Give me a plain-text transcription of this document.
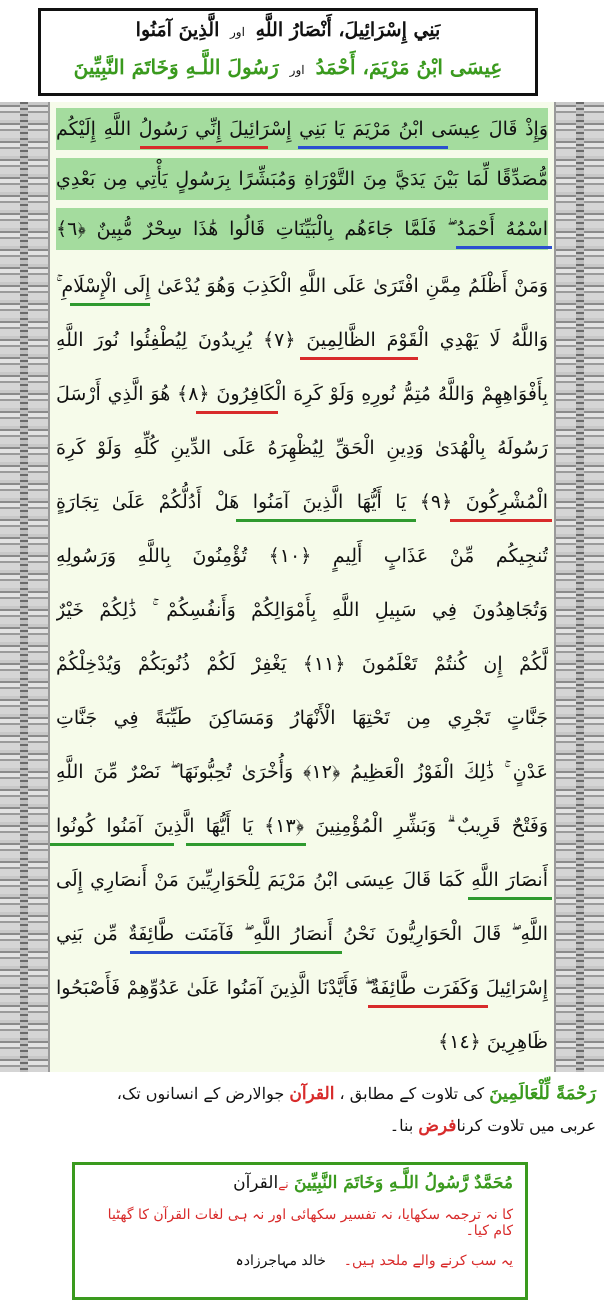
بَنِي إِسْرَائِيلَ، أَنْصَارُ اللَّهِ اور الَّذِينَ آمَنُوا
عِيسَى ابْنُ مَرْيَمَ، أَحْمَدُ اور رَسُولَ اللَّـهِ وَخَاتَمَ النَّبِيِّينَ
وَإِذْ قَالَ عِيسَى ابْنُ مَرْيَمَ يَا بَنِي إِسْرَائِيلَ إِنِّي رَسُولُ اللَّهِ إِلَيْكُم
مُّصَدِّقًا لِّمَا بَيْنَ يَدَيَّ مِنَ التَّوْرَاةِ وَمُبَشِّرًا بِرَسُولٍ يَأْتِي مِن بَعْدِي
اسْمُهُ أَحْمَدُ ۖ فَلَمَّا جَاءَهُم بِالْبَيِّنَاتِ قَالُوا هَٰذَا سِحْرٌ مُّبِينٌ ﴿٦﴾
وَمَنْ أَظْلَمُ مِمَّنِ افْتَرَىٰ عَلَى اللَّهِ الْكَذِبَ وَهُوَ يُدْعَىٰ إِلَى الْإِسْلَامِ ۚ
وَاللَّهُ لَا يَهْدِي الْقَوْمَ الظَّالِمِينَ ﴿٧﴾ يُرِيدُونَ لِيُطْفِئُوا نُورَ اللَّهِ
بِأَفْوَاهِهِمْ وَاللَّهُ مُتِمُّ نُورِهِ وَلَوْ كَرِهَ الْكَافِرُونَ ﴿٨﴾ هُوَ الَّذِي أَرْسَلَ
رَسُولَهُ بِالْهُدَىٰ وَدِينِ الْحَقِّ لِيُظْهِرَهُ عَلَى الدِّينِ كُلِّهِ وَلَوْ كَرِهَ
الْمُشْرِكُونَ ﴿٩﴾ يَا أَيُّهَا الَّذِينَ آمَنُوا هَلْ أَدُلُّكُمْ عَلَىٰ تِجَارَةٍ
تُنجِيكُم مِّنْ عَذَابٍ أَلِيمٍ ﴿١٠﴾ تُؤْمِنُونَ بِاللَّهِ وَرَسُولِهِ
وَتُجَاهِدُونَ فِي سَبِيلِ اللَّهِ بِأَمْوَالِكُمْ وَأَنفُسِكُمْ ۚ ذَٰلِكُمْ خَيْرٌ
لَّكُمْ إِن كُنتُمْ تَعْلَمُونَ ﴿١١﴾ يَغْفِرْ لَكُمْ ذُنُوبَكُمْ وَيُدْخِلْكُمْ
جَنَّاتٍ تَجْرِي مِن تَحْتِهَا الْأَنْهَارُ وَمَسَاكِنَ طَيِّبَةً فِي جَنَّاتِ
عَدْنٍ ۚ ذَٰلِكَ الْفَوْزُ الْعَظِيمُ ﴿١٢﴾ وَأُخْرَىٰ تُحِبُّونَهَا ۖ نَصْرٌ مِّنَ اللَّهِ
وَفَتْحٌ قَرِيبٌ ۗ وَبَشِّرِ الْمُؤْمِنِينَ ﴿١٣﴾ يَا أَيُّهَا الَّذِينَ آمَنُوا كُونُوا
أَنصَارَ اللَّهِ كَمَا قَالَ عِيسَى ابْنُ مَرْيَمَ لِلْحَوَارِيِّينَ مَنْ أَنصَارِي إِلَى
اللَّهِ ۖ قَالَ الْحَوَارِيُّونَ نَحْنُ أَنصَارُ اللَّهِ ۖ فَآمَنَت طَّائِفَةٌ مِّن بَنِي
إِسْرَائِيلَ وَكَفَرَت طَّائِفَةٌ ۖ فَأَيَّدْنَا الَّذِينَ آمَنُوا عَلَىٰ عَدُوِّهِمْ فَأَصْبَحُوا
ظَاهِرِينَ ﴿١٤﴾
رَحْمَةً لِّلْعَالَمِينَ کی تلاوت کے مطابق ، القرآن جوالارض کے انسانوں تک،
عربی میں تلاوت کرنافرض بنا۔
مُحَمَّدٌ رَّسُولُ اللَّـهِ وَخَاتَمَ النَّبِيِّينَ نےالقرآن
کا نہ ترجمہ سکھایا، نہ تفسیر سکھائی اور نہ ہی لغات القرآن کا گھٹیا کام کیا۔
یہ سب کرنے والے ملحد ہیں۔    خالد مہاجرزادہ
